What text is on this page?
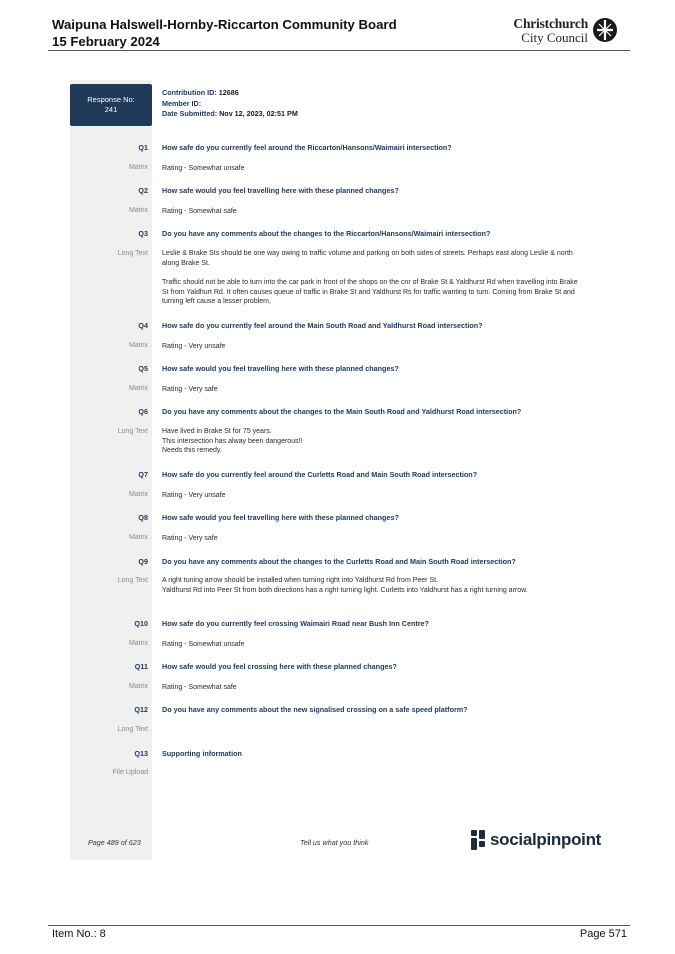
Waipuna Halswell-Hornby-Riccarton Community Board
15 February 2024
Christchurch
City Council
Response No:
241
Contribution ID: 12686
Member ID:
Date Submitted: Nov 12, 2023, 02:51 PM
Q1 How safe do you currently feel around the Riccarton/Hansons/Waimairi intersection?
Matrix Rating - Somewhat unsafe
Q2 How safe would you feel travelling here with these planned changes?
Matrix Rating - Somewhat safe
Q3 Do you have any comments about the changes to the Riccarton/Hansons/Waimairi intersection?
Long Text Leslie & Brake Sts should be one way owing to traffic volume and parking on both sides of streets. Perhaps east along Leslie & north along Brake St.
Traffic should not be able to turn into the car park in front of the shops on the cnr of Brake St & Yaldhurst Rd when travelling into Brake St from Yaldhurt Rd. It often causes queue of traffic in Brake St and Yaldhurst Rs for traffic wanting to turn. Coming from Brake St and turning left cause a lesser problem,
Q4 How safe do you currently feel around the Main South Road and Yaldhurst Road intersection?
Matrix Rating - Very unsafe
Q5 How safe would you feel travelling here with these planned changes?
Matrix Rating - Very safe
Q6 Do you have any comments about the changes to the Main South Road and Yaldhurst Road intersection?
Long Text Have lived in Brake St for 75 years.
This intersection has alway been dangerous!!
Needs this remedy.
Q7 How safe do you currently feel around the Curletts Road and Main South Road intersection?
Matrix Rating - Very unsafe
Q8 How safe would you feel travelling here with these planned changes?
Matrix Rating - Very safe
Q9 Do you have any comments about the changes to the Curletts Road and Main South Road intersection?
Long Text A right tuning arrow should be installed when turning right into Yaldhurst Rd from Peer St.
Yaldhurst Rd into Peer St from both directions has a right turning light. Curletts into Yaldhurst has a right turning arrow.
Q10 How safe do you currently feel crossing Waimairi Road near Bush Inn Centre?
Matrix Rating - Somewhat unsafe
Q11 How safe would you feel crossing here with these planned changes?
Matrix Rating - Somewhat safe
Q12 Do you have any comments about the new signalised crossing on a safe speed platform?
Long Text
Q13 Supporting information
File Upload
Page 489 of 623	Tell us what you think	socialpinpoint
Item No.: 8	Page 571
